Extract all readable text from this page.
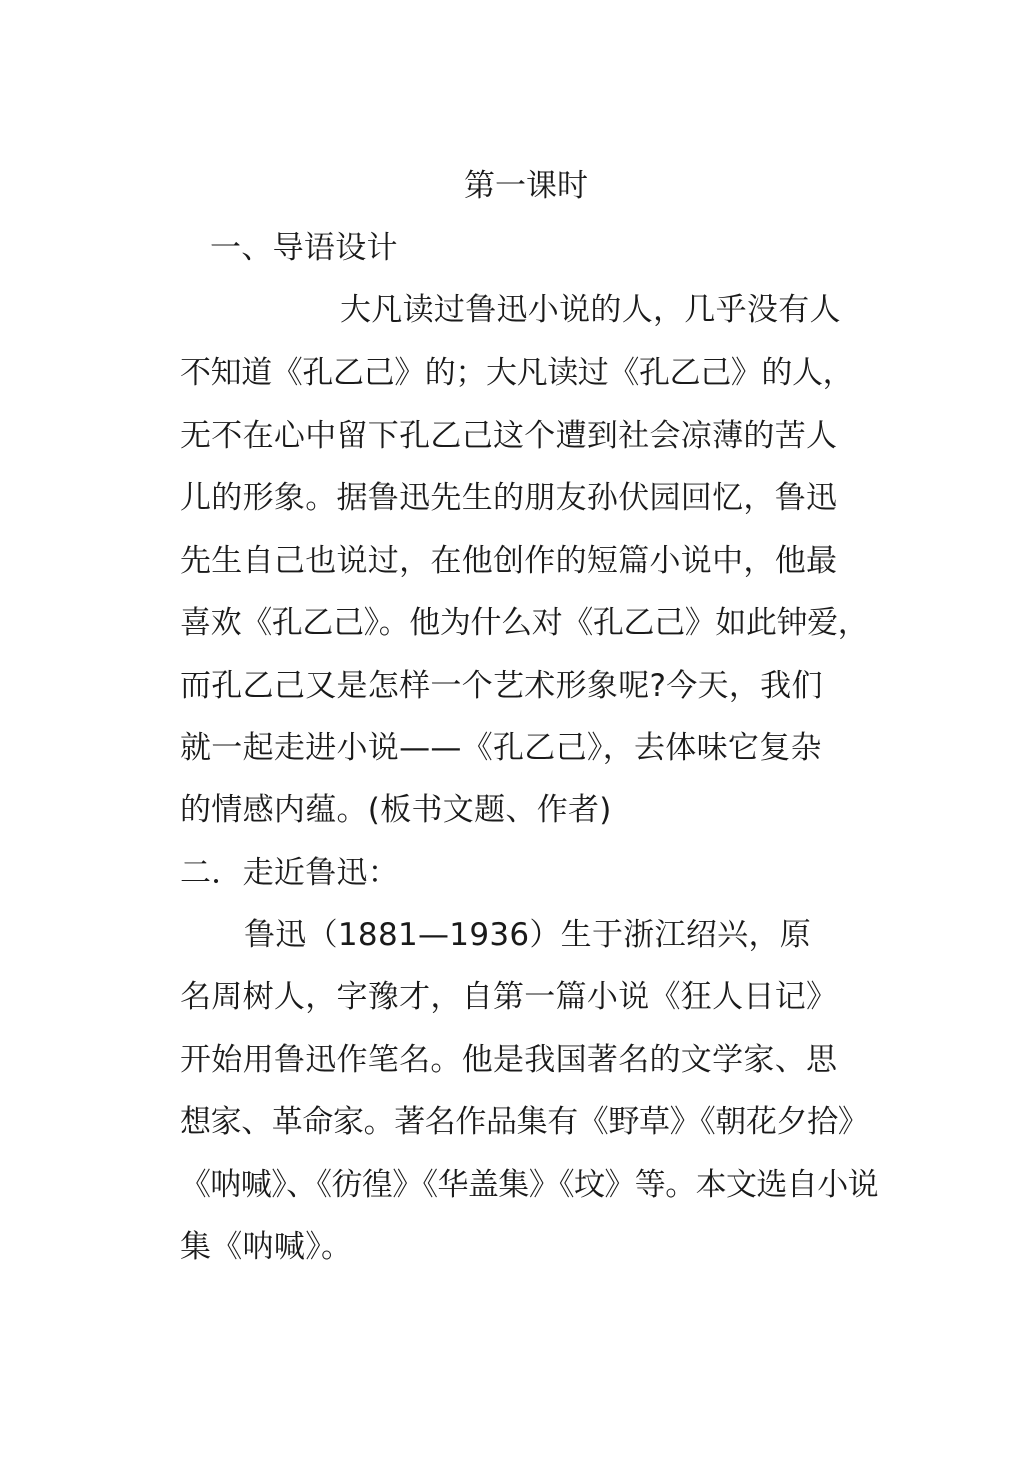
第一课时
一、导语设计
大凡读过鲁迅小说的人，几乎没有人
不知道《孔乙己》的；大凡读过《孔乙己》的人，
无不在心中留下孔乙己这个遭到社会凉薄的苦人
儿的形象。据鲁迅先生的朋友孙伏园回忆，鲁迅
先生自己也说过，在他创作的短篇小说中，他最
喜欢《孔乙己》。他为什么对《孔乙己》如此钟爱，
而孔乙己又是怎样一个艺术形象呢?今天，我们
就一起走进小说——《孔乙己》，去体味它复杂
的情感内蕴。(板书文题、作者)
二．走近鲁迅：
鲁迅（1881—1936）生于浙江绍兴，原
名周树人，字豫才，自第一篇小说《狂人日记》
开始用鲁迅作笔名。他是我国著名的文学家、思
想家、革命家。著名作品集有《野草》《朝花夕拾》
《呐喊》、《彷徨》《华盖集》《坟》等。本文选自小说
集《呐喊》。
